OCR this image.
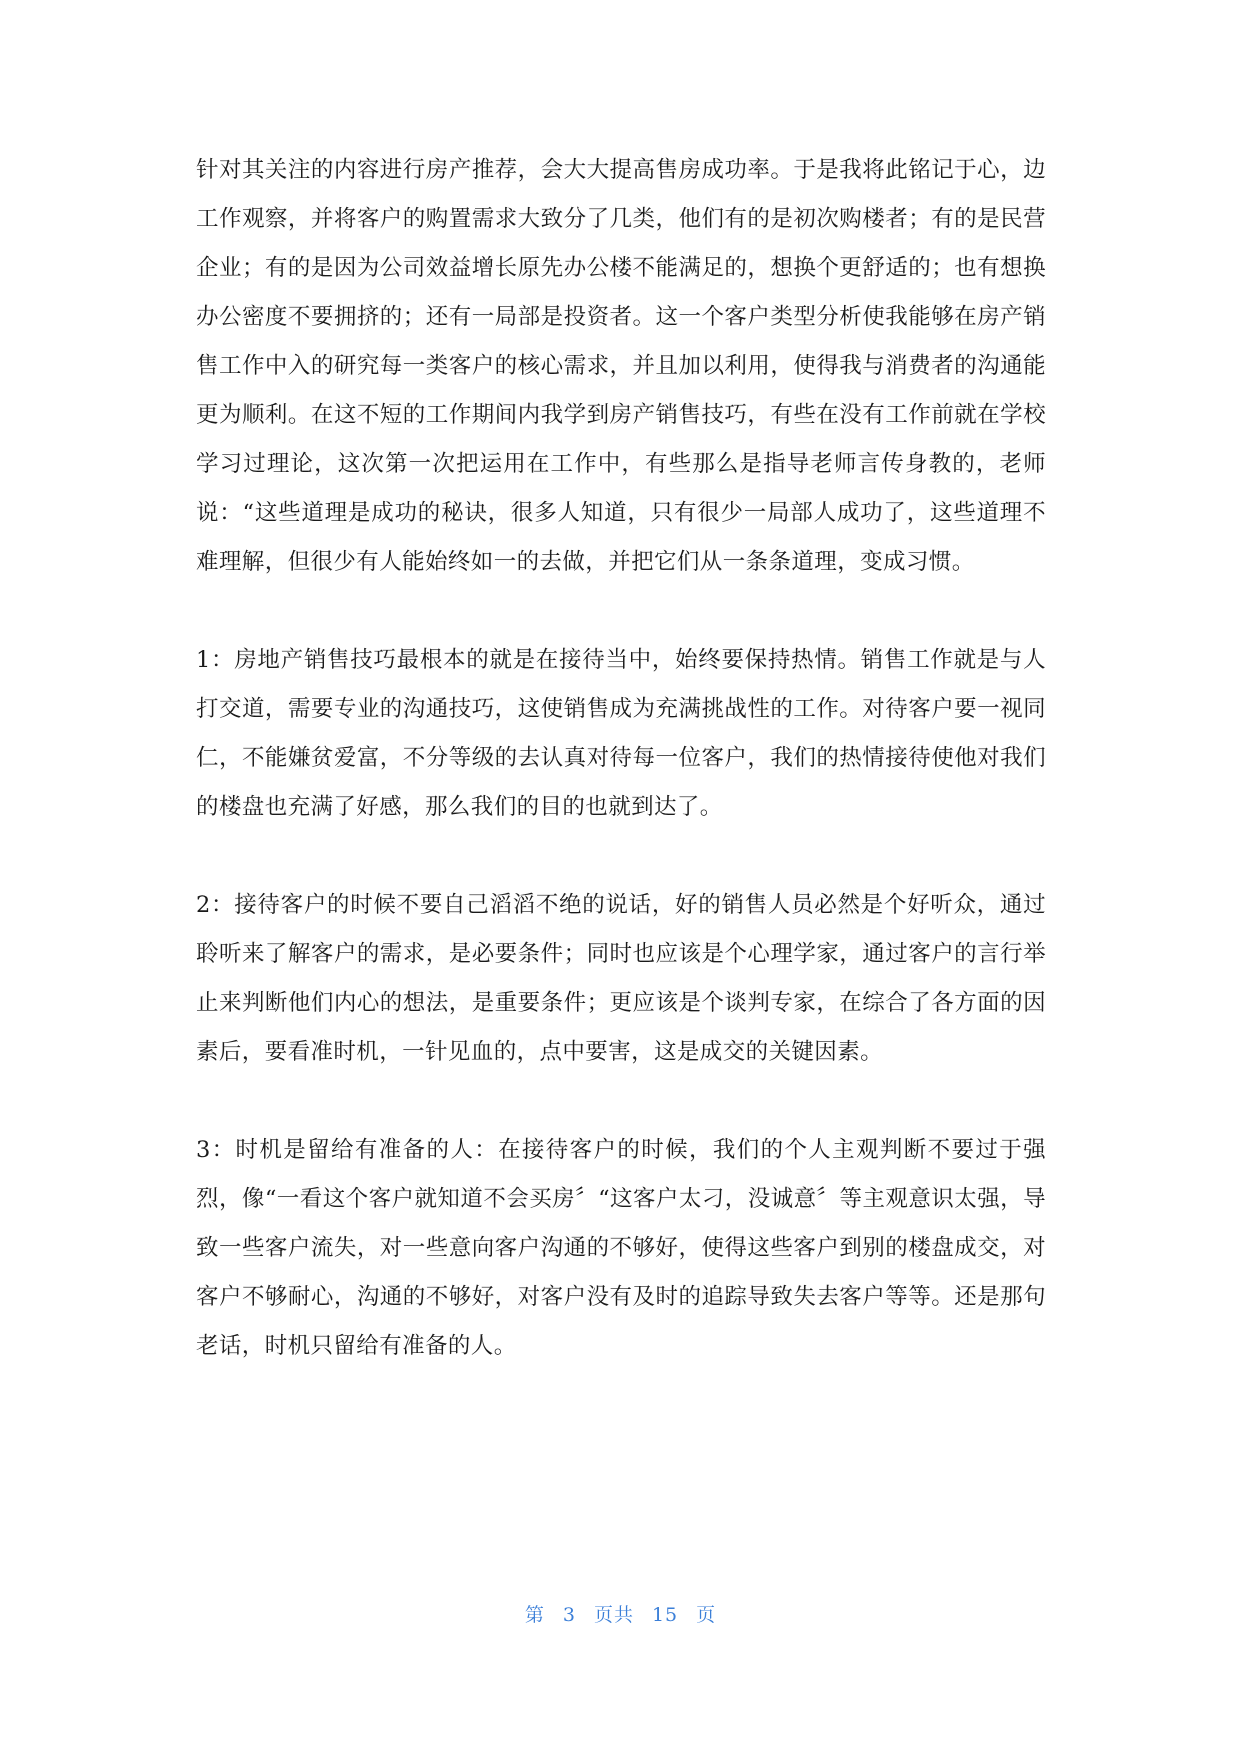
针对其关注的内容进行房产推荐，会大大提高售房成功率。于是我将此铭记于心，边工作观察，并将客户的购置需求大致分了几类，他们有的是初次购楼者；有的是民营企业；有的是因为公司效益增长原先办公楼不能满足的，想换个更舒适的；也有想换办公密度不要拥挤的；还有一局部是投资者。这一个客户类型分析使我能够在房产销售工作中入的研究每一类客户的核心需求，并且加以利用，使得我与消费者的沟通能更为顺利。在这不短的工作期间内我学到房产销售技巧，有些在没有工作前就在学校学习过理论，这次第一次把运用在工作中，有些那么是指导老师言传身教的，老师说：“这些道理是成功的秘诀，很多人知道，只有很少一局部人成功了，这些道理不难理解，但很少有人能始终如一的去做，并把它们从一条条道理，变成习惯。

1：房地产销售技巧最根本的就是在接待当中，始终要保持热情。销售工作就是与人打交道，需要专业的沟通技巧，这使销售成为充满挑战性的工作。对待客户要一视同仁，不能嫌贫爱富，不分等级的去认真对待每一位客户，我们的热情接待使他对我们的楼盘也充满了好感，那么我们的目的也就到达了。

2：接待客户的时候不要自己滔滔不绝的说话，好的销售人员必然是个好听众，通过聆听来了解客户的需求，是必要条件；同时也应该是个心理学家，通过客户的言行举止来判断他们内心的想法，是重要条件；更应该是个谈判专家，在综合了各方面的因素后，要看准时机，一针见血的，点中要害，这是成交的关键因素。

3：时机是留给有准备的人：在接待客户的时候，我们的个人主观判断不要过于强烈，像“一看这个客户就知道不会买房〞“这客户太刁，没诚意〞等主观意识太强，导致一些客户流失，对一些意向客户沟通的不够好，使得这些客户到别的楼盘成交，对客户不够耐心，沟通的不够好，对客户没有及时的追踪导致失去客户等等。还是那句老话，时机只留给有准备的人。

第 3 页共 15 页
